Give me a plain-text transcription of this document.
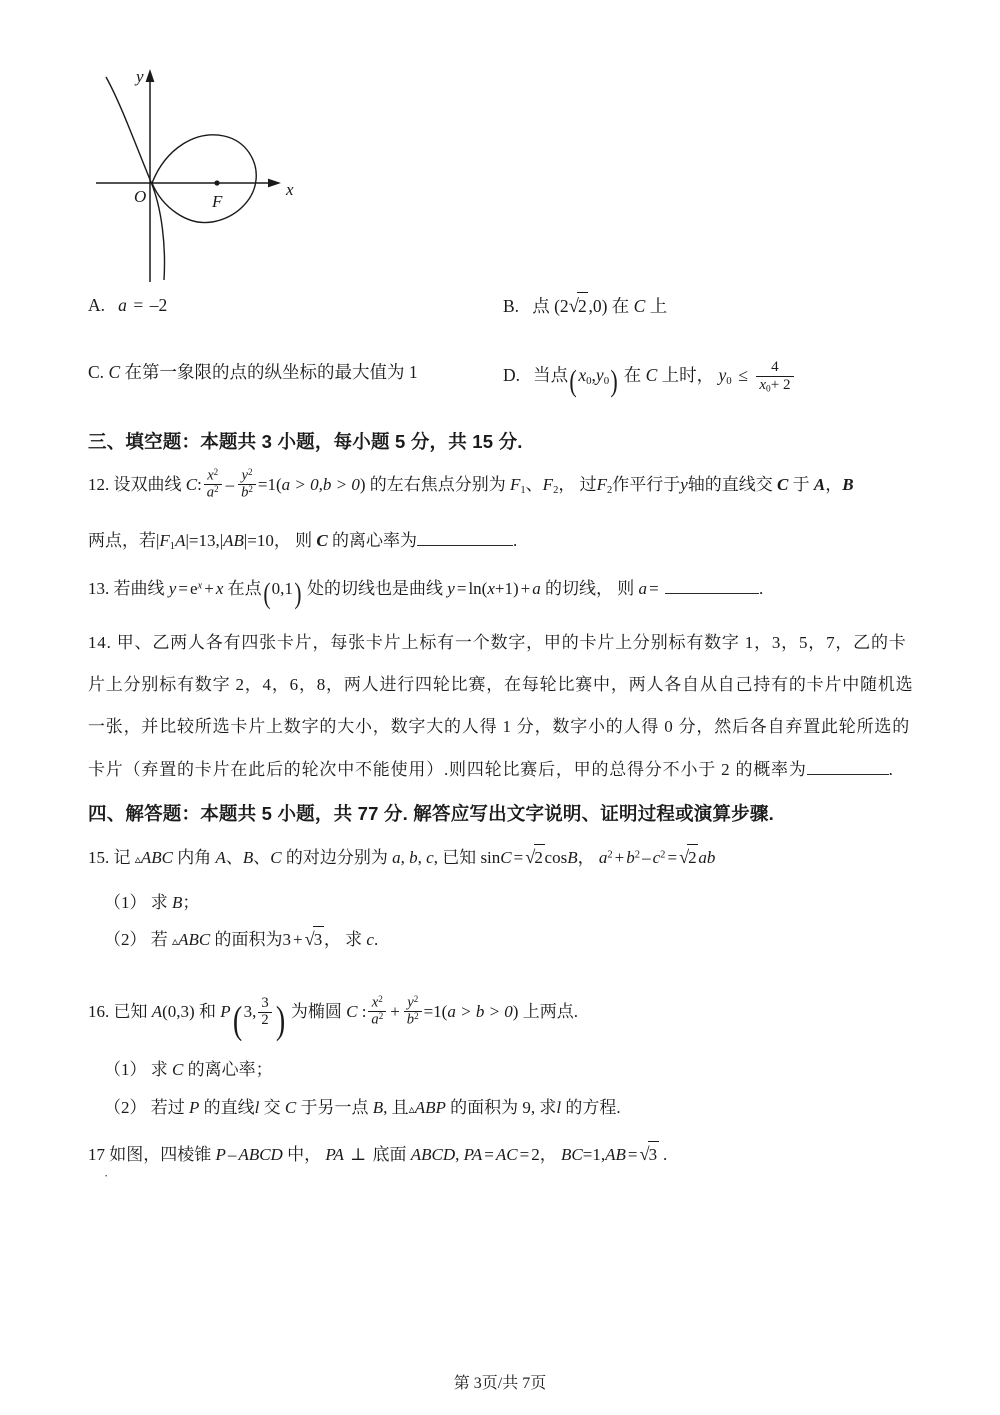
O	F
x
y
A. a = –2	B. 点 (2√2 ,0) 在 C 上
C. C 在第一象限的点的纵坐标的最大值为 1	D. 当点$(x_0,y_0)$ 在 C 上时， $y_0 \le \frac{4}{x_0+ 2}$
三、填空题：本题共 3 小题，每小题 5 分，共 15 分.
12. 设双曲线 C: $\frac{x^2}{a^2} - \frac{y^2}{b^2} =1(a > 0,b > 0)$ 的左右焦点分别为 $F_1$、$F_2$， 过$F_2$作平行于y轴的直线交 C 于 A，B
两点，若$|F_1A|=13,|AB|=10$， 则 C 的离心率为	.
13. 若曲线 $y = e^x + x$ 在点(0,1) 处的切线也是曲线 y = ln(x+1) + a 的切线， 则 a =	.
14. 甲、乙两人各有四张卡片，每张卡片上标有一个数字，甲的卡片上分别标有数字 1，3，5，7，乙的卡
片上分别标有数字 2，4，6，8，两人进行四轮比赛，在每轮比赛中，两人各自从自己持有的卡片中随机选
一张，并比较所选卡片上数字的大小，数字大的人得 1 分，数字小的人得 0 分，然后各自弃置此轮所选的
卡片（弃置的卡片在此后的轮次中不能使用）.则四轮比赛后，甲的总得分不小于 2 的概率为	.
四、解答题：本题共 5 小题，共 77 分. 解答应写出文字说明、证明过程或演算步骤.
15. 记 ▵ABC 内角 A、B、C 的对边分别为 a, b, c, 已知 sinC = √2cosB， $a^2 + b^2 - c^2 = √2ab$
（1） 求 B；
（2） 若 ▵ABC 的面积为3 + √3， 求 c.
16. 已知 A(0,3) 和 P( 3, $\frac{3}{2}$ ) 为椭圆 C : $\frac{x^2}{a^2} + \frac{y^2}{b^2} =1(a > b > 0)$ 上两点.
（1） 求 C 的离心率；
（2） 若过 P 的直线l 交 C 于另一点 B, 且▵ABP 的面积为 9, 求l 的方程.
17 如图，四棱锥 P – ABCD 中， PA ⊥ 底面 ABCD, PA = AC = 2， BC=1,AB = √3 .
·
第 3页/共 7页
